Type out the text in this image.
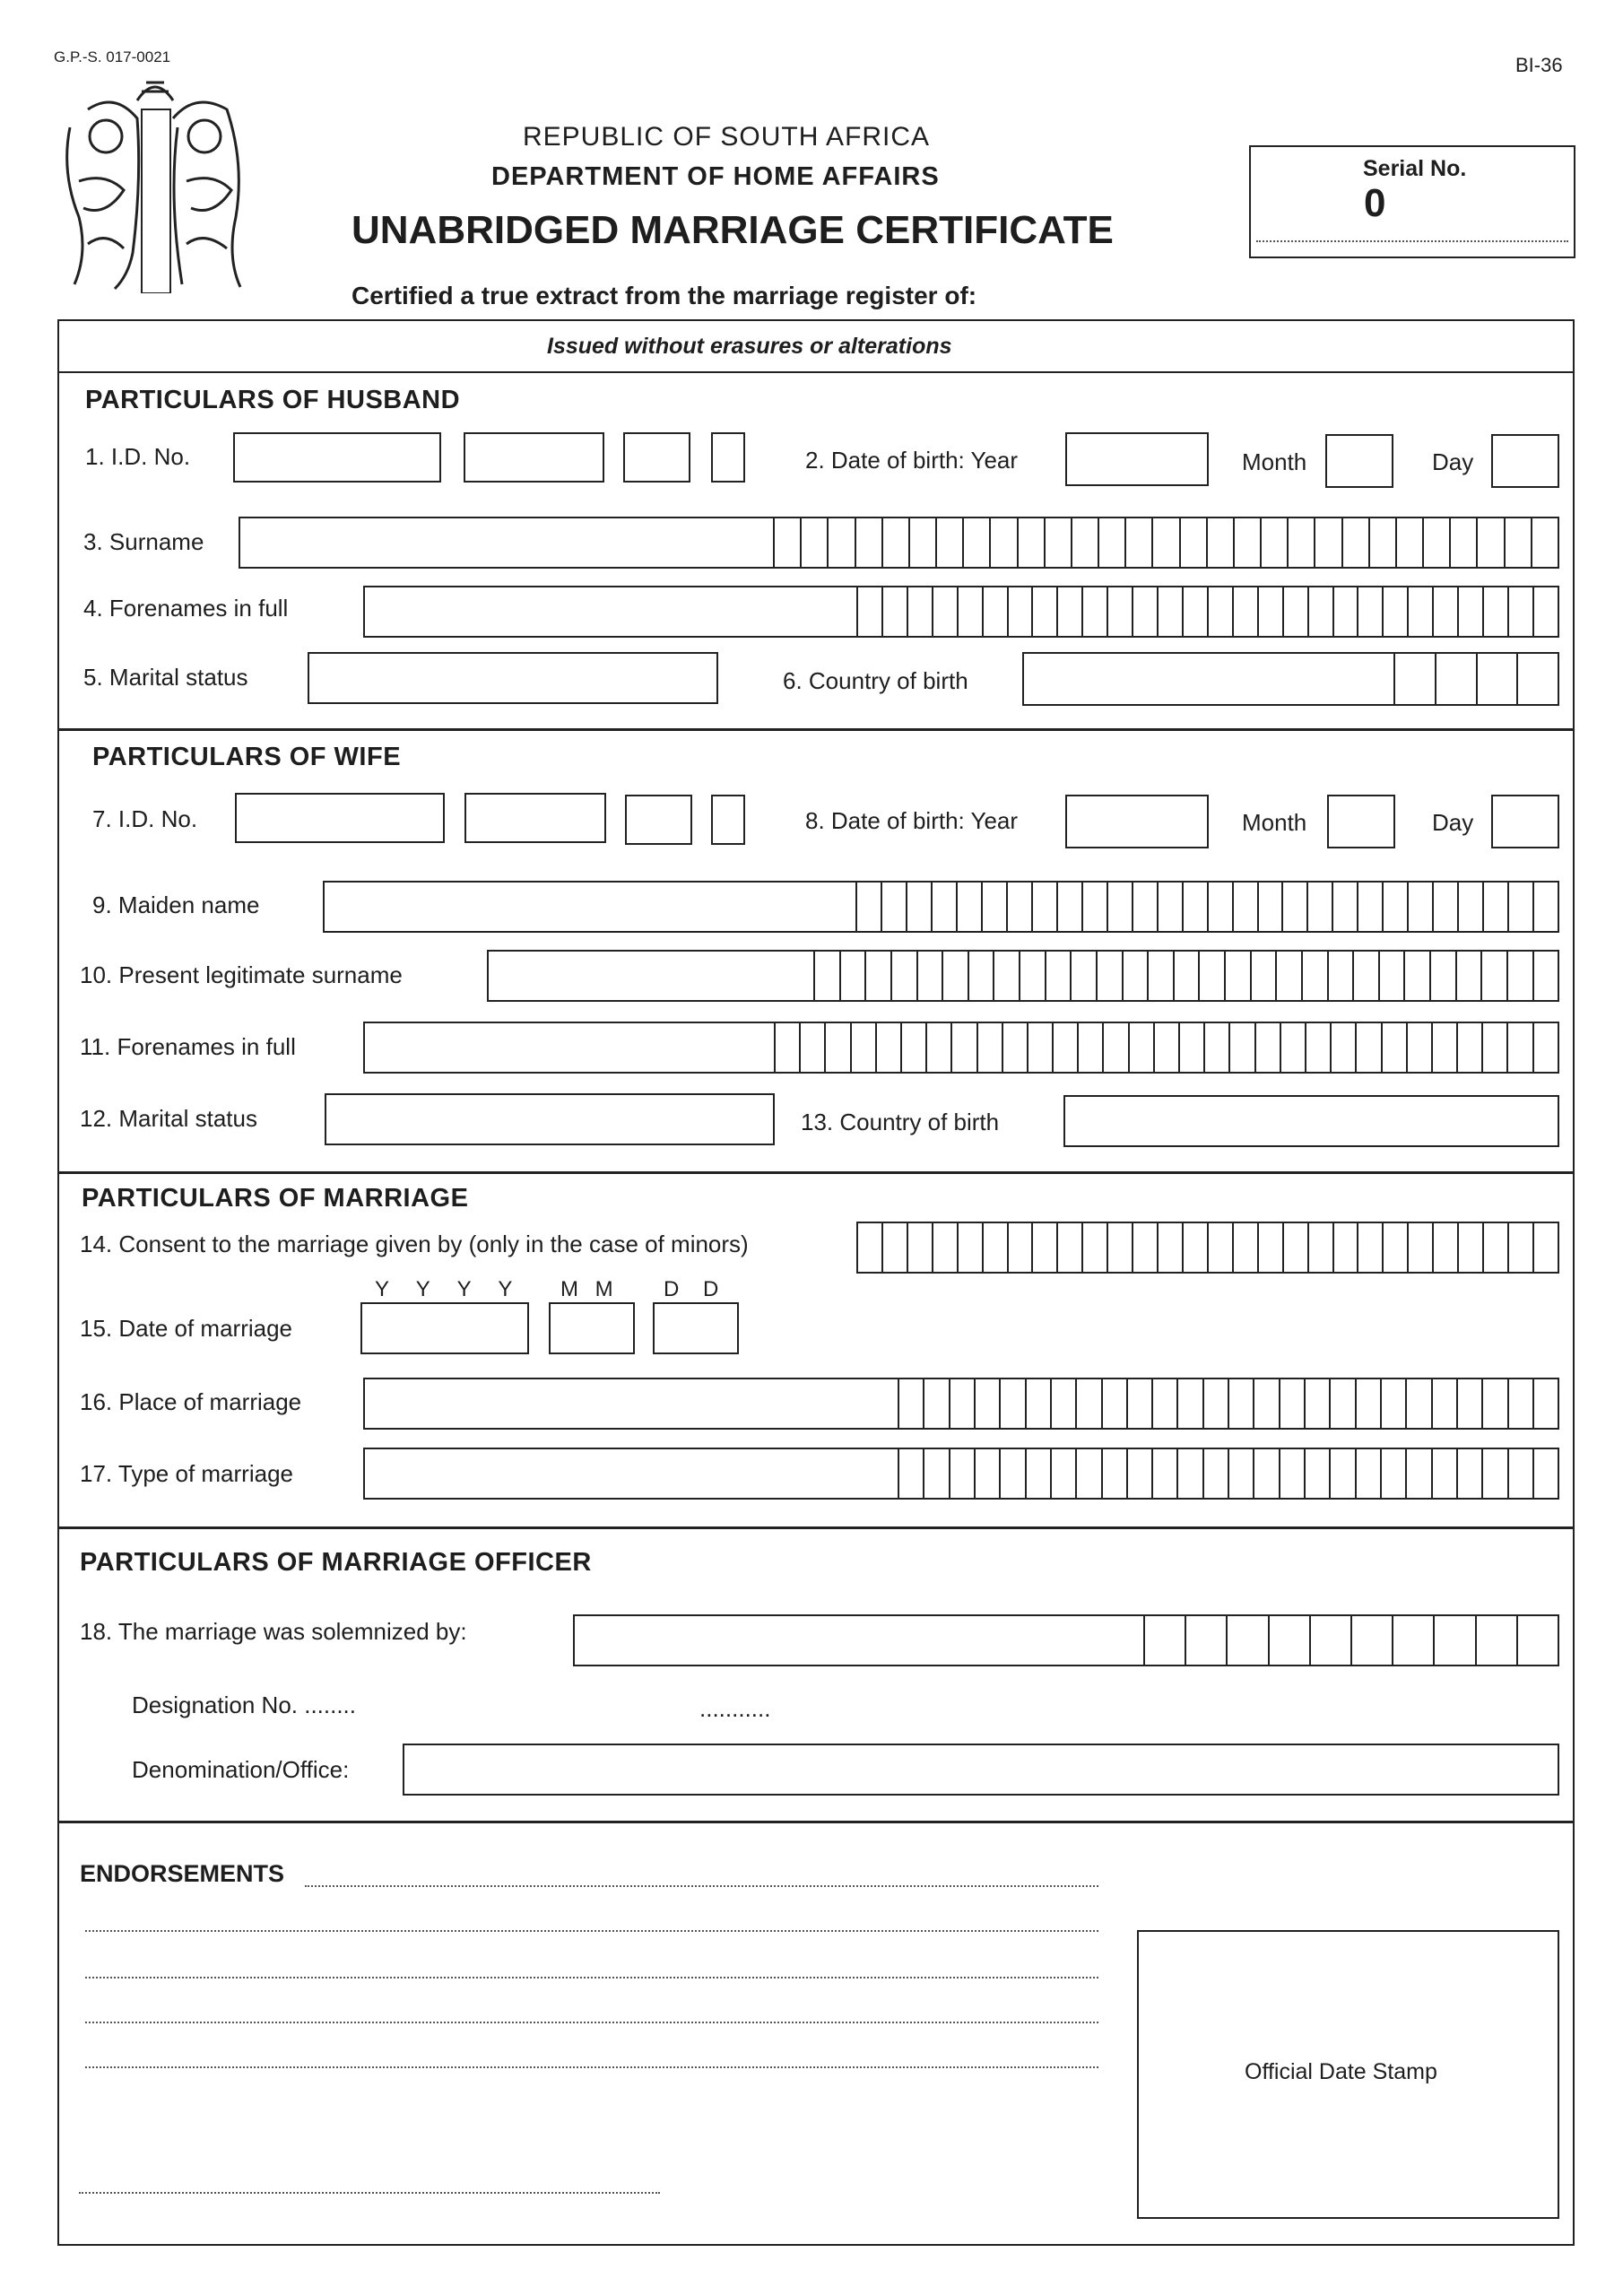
G.P.-S. 017-0021	BI-36
REPUBLIC OF SOUTH AFRICA
DEPARTMENT OF HOME AFFAIRS
UNABRIDGED MARRIAGE CERTIFICATE
Certified a true extract from the marriage register of:
Serial No.
0
Issued without erasures or alterations
PARTICULARS OF HUSBAND
1. I.D. No.	2. Date of birth: Year	Month	Day
3. Surname
4. Forenames in full
5. Marital status	6. Country of birth
PARTICULARS OF WIFE
7. I.D. No.	8. Date of birth: Year	Month	Day
9. Maiden name
10. Present legitimate surname
11. Forenames in full
12. Marital status	13. Country of birth
PARTICULARS OF MARRIAGE
14. Consent to the marriage given by (only in the case of minors)
Y Y Y Y M M D D
15. Date of marriage
16. Place of marriage
17. Type of marriage
PARTICULARS OF MARRIAGE OFFICER
18. The marriage was solemnized by:
Designation No. ........	...........
Denomination/Office:
ENDORSEMENTS
Official Date Stamp
